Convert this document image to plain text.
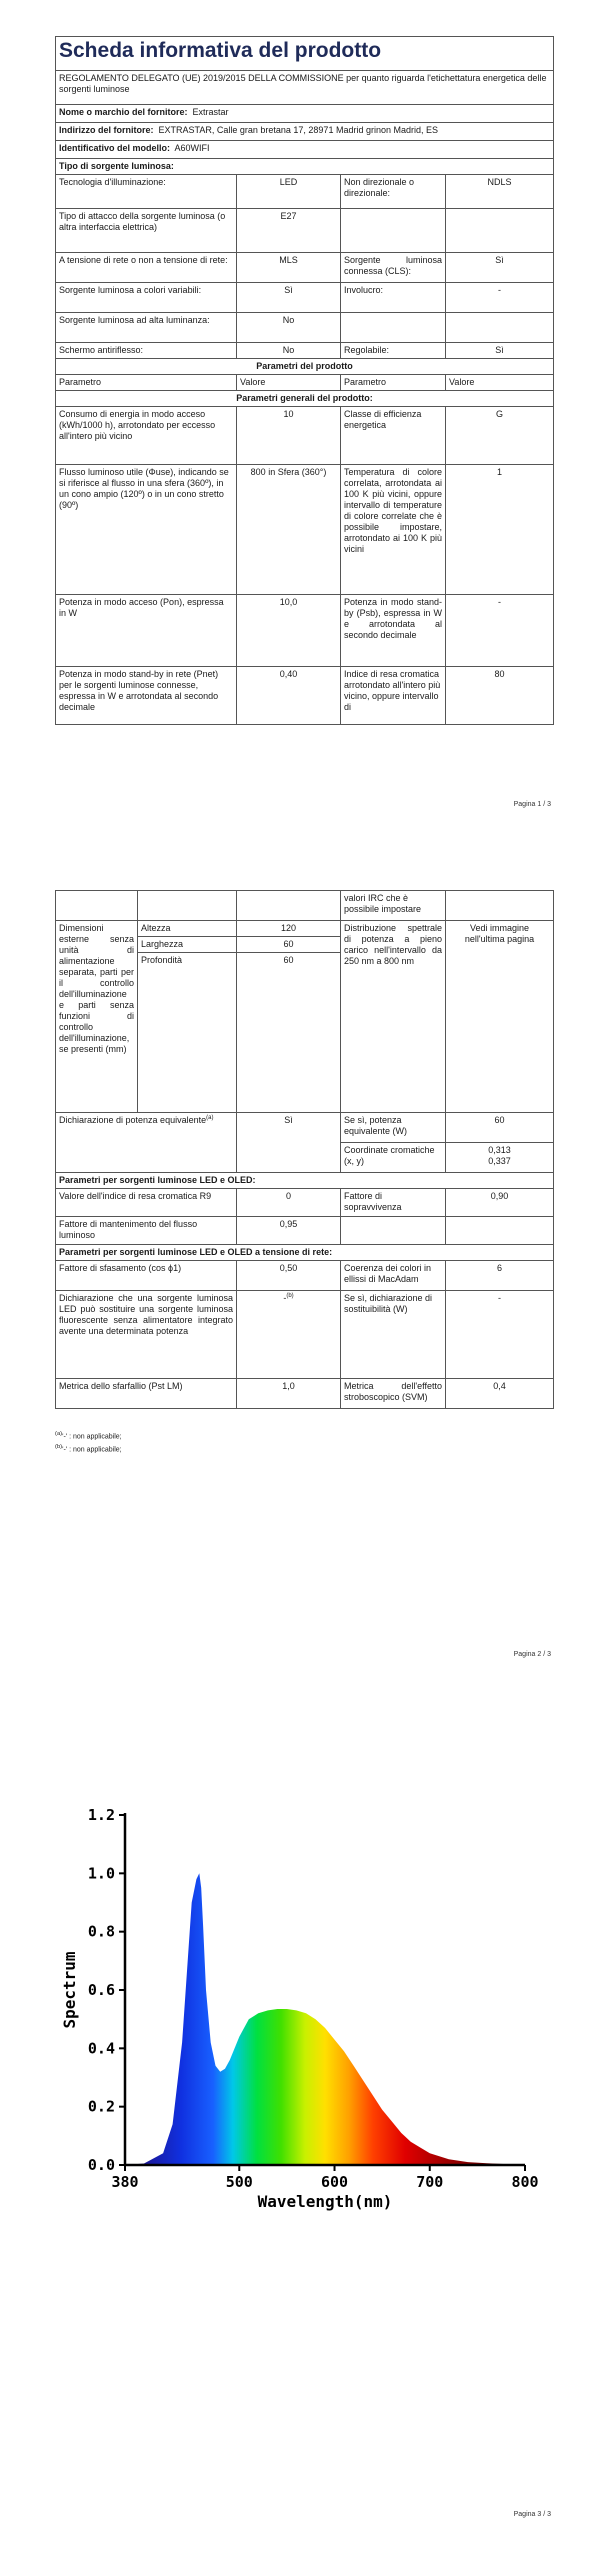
Scheda informativa del prodotto			
REGOLAMENTO DELEGATO (UE) 2019/2015 DELLA COMMISSIONE per quanto riguarda l'etichettatura energetica delle sorgenti luminose			
Nome o marchio del fornitore: Extrastar			
Indirizzo del fornitore: EXTRASTAR, Calle gran bretana 17, 28971 Madrid grinon Madrid, ES			
Identificativo del modello: A60WIFI			
Tipo di sorgente luminosa:			
Tecnologia d'illuminazione:	LED	Non direzionale o direzionale:	NDLS
Tipo di attacco della sorgente luminosa (o altra interfaccia elettrica)	E27		
A tensione di rete o non a tensione di rete:	MLS	Sorgente luminosa connessa (CLS):	Sì
Sorgente luminosa a colori variabili:	Sì	Involucro:	-
Sorgente luminosa ad alta luminanza:	No		
Schermo antiriflesso:	No	Regolabile:	Sì
Parametri del prodotto			
Parametro	Valore	Parametro	Valore
Parametri generali del prodotto:			
Consumo di energia in modo acceso (kWh/1000 h), arrotondato per eccesso all'intero più vicino	10	Classe di efficienza energetica	G
Flusso luminoso utile (Φuse), indicando se si riferisce al flusso in una sfera (360º), in un cono ampio (120º) o in un cono stretto (90º)	800 in Sfera (360°)	Temperatura di colore correlata, arrotondata ai 100 K più vicini, oppure intervallo di temperature di colore correlate che è possibile impostare, arrotondato ai 100 K più vicini	1
Potenza in modo acceso (Pon), espressa in W	10,0	Potenza in modo stand-by (Psb), espressa in W e arrotondata al secondo decimale	-
Potenza in modo stand-by in rete (Pnet) per le sorgenti luminose connesse, espressa in W e arrotondata al secondo decimale	0,40	Indice di resa cromatica arrotondato all'intero più vicino, oppure intervallo di	80
Pagina 1 / 3
			valori IRC che è possibile impostare	
Dimensioni esterne senza unità di alimentazione separata, parti per il controllo dell'illuminazione e parti senza funzioni di controllo dell'illuminazione, se presenti (mm)	Altezza	120	Distribuzione spettrale di potenza a pieno carico nell'intervallo da 250 nm a 800 nm	Vedi immagine nell'ultima pagina
	Larghezza	60		
	Profondità	60		
Dichiarazione di potenza equivalente$^{(a)}$		Sì	Se sì, potenza equivalente (W)	60
			Coordinate cromatiche (x, y)	0,313
0,337

Parametri per sorgenti luminose LED e OLED:				
Valore dell'indice di resa cromatica R9		0	Fattore di sopravvivenza	0,90
Fattore di mantenimento del flusso luminoso		0,95		
Parametri per sorgenti luminose LED e OLED a tensione di rete:				
Fattore di sfasamento (cos ϕ1)		0,50	Coerenza dei colori in ellissi di MacAdam	6
Dichiarazione che una sorgente luminosa LED può sostituire una sorgente luminosa fluorescente senza alimentatore integrato avente una determinata potenza		-$^{(b)}$	Se sì, dichiarazione di sostituibilità (W)	-
Metrica dello sfarfallio (Pst LM)		1,0	Metrica dell'effetto stroboscopico (SVM)	0,4
$^{(a)}$'-' : non applicabile;
$^{(b)}$'-' : non applicabile;
Pagina 2 / 3
0.0
0.2
0.4
0.6
0.8
1.0
1.2
380	500	600	700	800
Wavelength(nm)
Spectrum
Pagina 3 / 3
